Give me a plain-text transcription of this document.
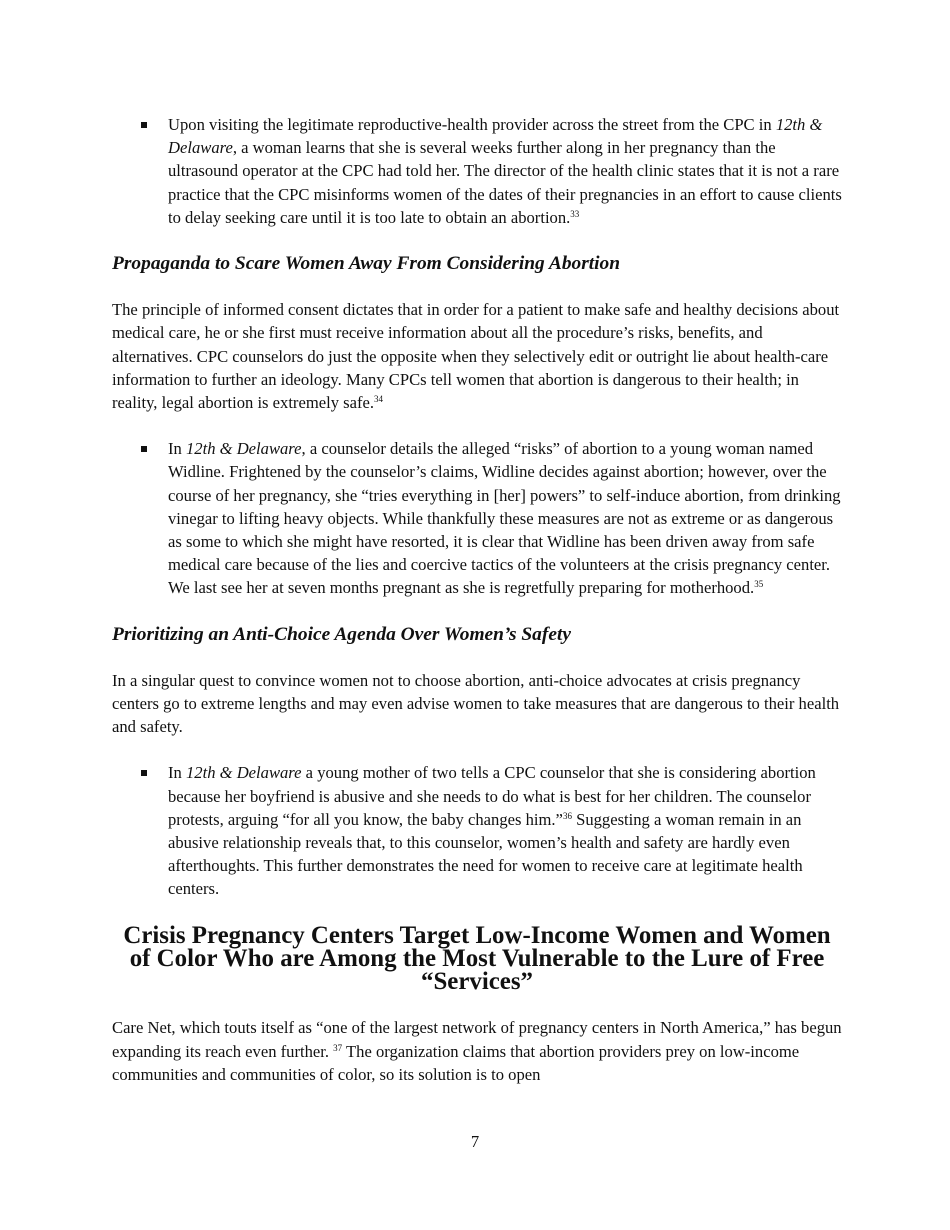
Upon visiting the legitimate reproductive-health provider across the street from the CPC in 12th & Delaware, a woman learns that she is several weeks further along in her pregnancy than the ultrasound operator at the CPC had told her. The director of the health clinic states that it is not a rare practice that the CPC misinforms women of the dates of their pregnancies in an effort to cause clients to delay seeking care until it is too late to obtain an abortion.$^{33}$

Propaganda to Scare Women Away From Considering Abortion

The principle of informed consent dictates that in order for a patient to make safe and healthy decisions about medical care, he or she first must receive information about all the procedure’s risks, benefits, and alternatives. CPC counselors do just the opposite when they selectively edit or outright lie about health-care information to further an ideology. Many CPCs tell women that abortion is dangerous to their health; in reality, legal abortion is extremely safe.$^{34}$

In 12th & Delaware, a counselor details the alleged “risks” of abortion to a young woman named Widline. Frightened by the counselor’s claims, Widline decides against abortion; however, over the course of her pregnancy, she “tries everything in [her] powers” to self-induce abortion, from drinking vinegar to lifting heavy objects. While thankfully these measures are not as extreme or as dangerous as some to which she might have resorted, it is clear that Widline has been driven away from safe medical care because of the lies and coercive tactics of the volunteers at the crisis pregnancy center. We last see her at seven months pregnant as she is regretfully preparing for motherhood.$^{35}$

Prioritizing an Anti-Choice Agenda Over Women’s Safety

In a singular quest to convince women not to choose abortion, anti-choice advocates at crisis pregnancy centers go to extreme lengths and may even advise women to take measures that are dangerous to their health and safety.

In 12th & Delaware a young mother of two tells a CPC counselor that she is considering abortion because her boyfriend is abusive and she needs to do what is best for her children. The counselor protests, arguing “for all you know, the baby changes him.”$^{36}$ Suggesting a woman remain in an abusive relationship reveals that, to this counselor, women’s health and safety are hardly even afterthoughts. This further demonstrates the need for women to receive care at legitimate health centers.

Crisis Pregnancy Centers Target Low-Income Women and Women of Color Who are Among the Most Vulnerable to the Lure of Free “Services”

Care Net, which touts itself as “one of the largest network of pregnancy centers in North America,” has begun expanding its reach even further. $^{37}$ The organization claims that abortion providers prey on low-income communities and communities of color, so its solution is to open

7
